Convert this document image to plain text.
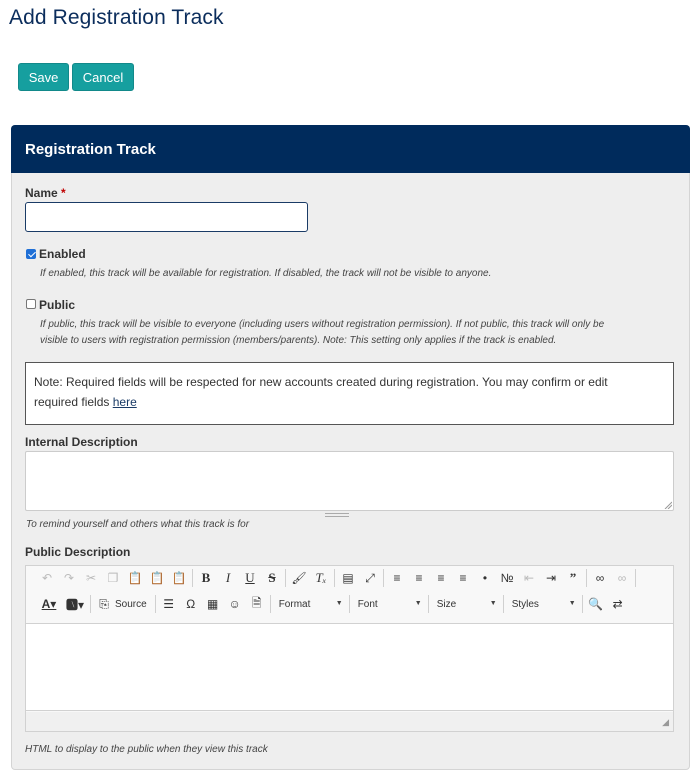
Add Registration Track
Save	Cancel
Registration Track
Name *
Enabled
If enabled, this track will be available for registration. If disabled, the track will not be visible to anyone.
Public
If public, this track will be visible to everyone (including users without registration permission). If not public, this track will only be
visible to users with registration permission (members/parents). Note: This setting only applies if the track is enabled.
Note: Required fields will be respected for new accounts created during registration. You may confirm or edit
required fields here
Internal Description
To remind yourself and others what this track is for
Public Description
↶ ↷ ✂ ❐ 📋 📋 📋	B	I	U	S	🖌 Tₓ	▤ ⤢	≡	≡	≡	≡	•	№ ⇤ ⇥	”	∞	∞
A▾ 🅰▾	⎘ Source	☰	Ω ▦ ☺ 🗎	Format	▼ Font	▼ Size	▼ Styles	▼ 🔍 ⇄
◢
HTML to display to the public when they view this track
